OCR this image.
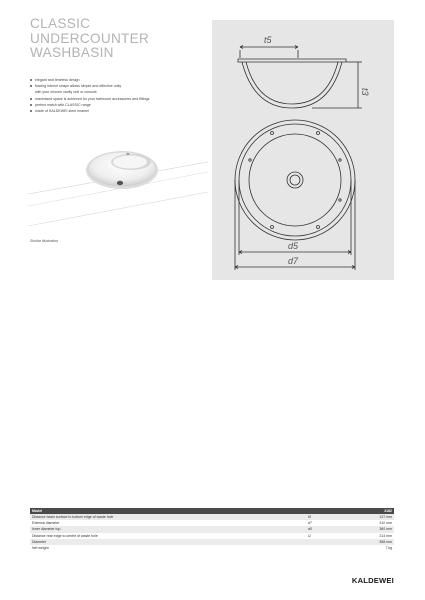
CLASSIC
UNDERCOUNTER
WASHBASIN
elegant and timeless design
flowing interior shape allows simple and effective unity
with your chosen vanity unit or console
maximised space is achieved for your bathroom accessories and fittings
perfect match with CLASSIC range
made of KALDEWEI steel enamel
Similar illustration
t5
t3
d5
d7
Model		3182
Distance basin surface to bottom edge of waste hole	t5	137 mm
External diameter	d7	410 mm
Inner diameter top	d5	360 mm
Distance rear edge to centre of waste hole	l2	214 mm
Diameter		358 mm
Net weight		7 kg
KALDEWEI
